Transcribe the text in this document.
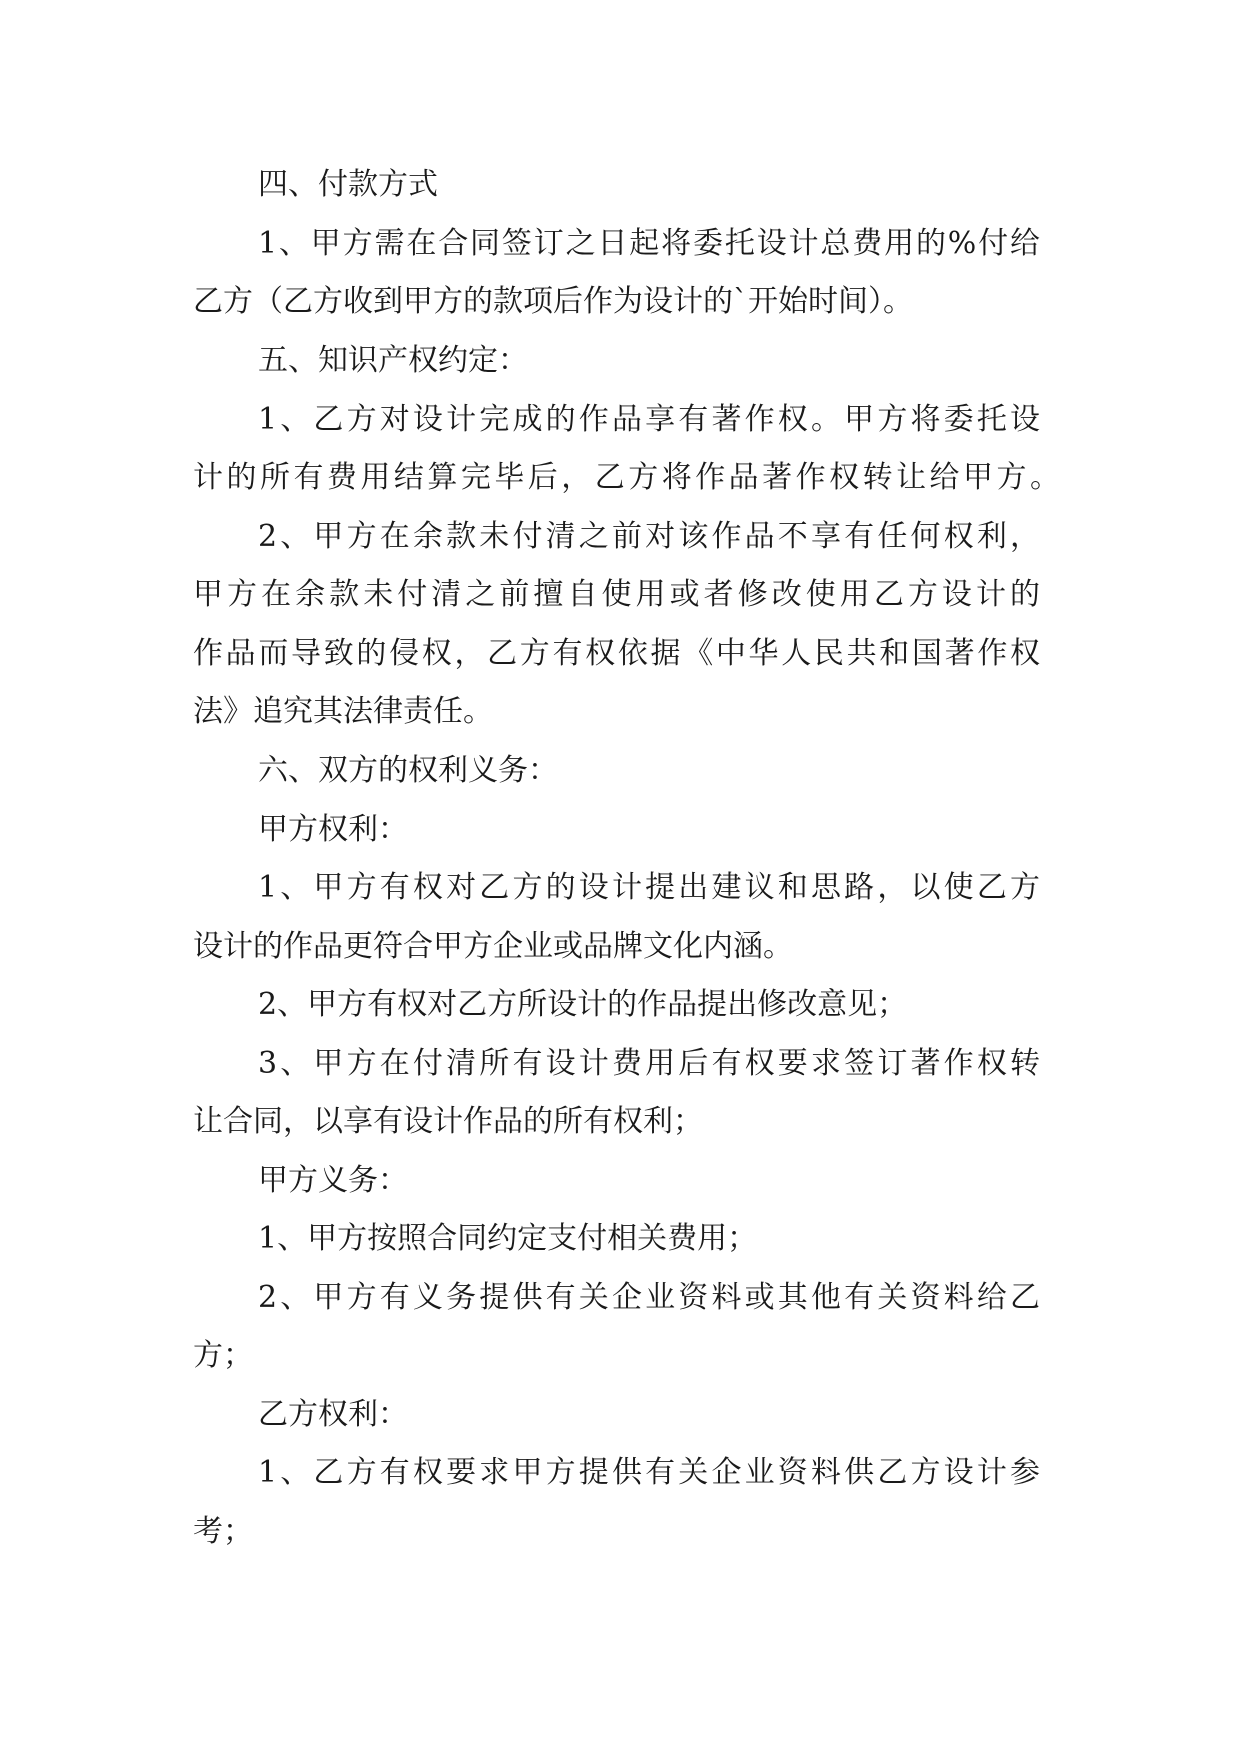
四、付款方式
1、甲方需在合同签订之日起将委托设计总费用的%付给
乙方（乙方收到甲方的款项后作为设计的`开始时间）。
五、知识产权约定：
1、乙方对设计完成的作品享有著作权。甲方将委托设
计的所有费用结算完毕后，乙方将作品著作权转让给甲方。
2、甲方在余款未付清之前对该作品不享有任何权利，
甲方在余款未付清之前擅自使用或者修改使用乙方设计的
作品而导致的侵权，乙方有权依据《中华人民共和国著作权
法》追究其法律责任。
六、双方的权利义务：
甲方权利：
1、甲方有权对乙方的设计提出建议和思路，以使乙方
设计的作品更符合甲方企业或品牌文化内涵。
2、甲方有权对乙方所设计的作品提出修改意见；
3、甲方在付清所有设计费用后有权要求签订著作权转
让合同，以享有设计作品的所有权利；
甲方义务：
1、甲方按照合同约定支付相关费用；
2、甲方有义务提供有关企业资料或其他有关资料给乙
方；
乙方权利：
1、乙方有权要求甲方提供有关企业资料供乙方设计参
考；
